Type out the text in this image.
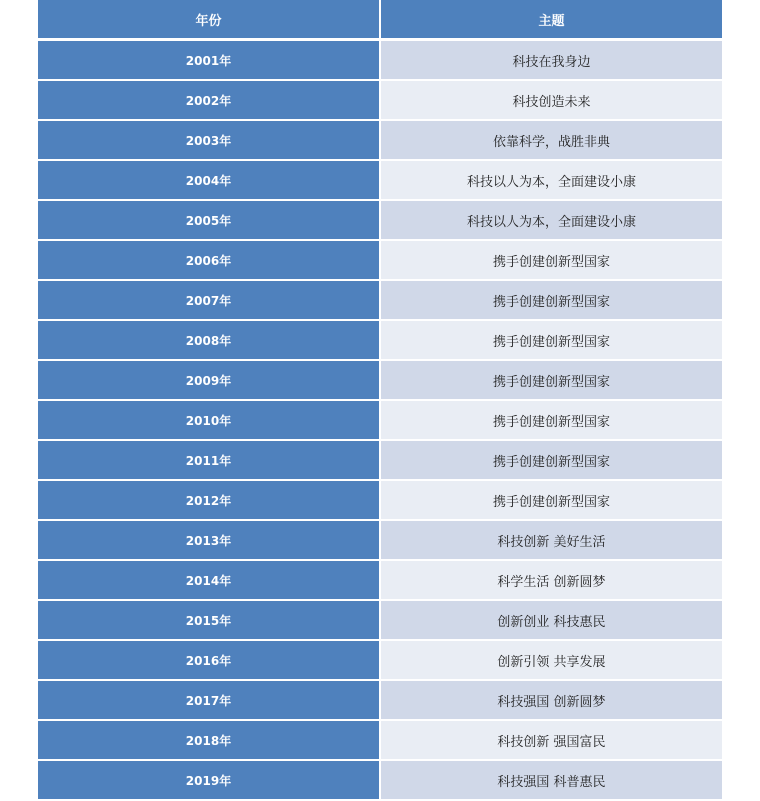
年份	主题
2001年	科技在我身边
2002年	科技创造未来
2003年	依靠科学，战胜非典
2004年	科技以人为本，全面建设小康
2005年	科技以人为本，全面建设小康
2006年	携手创建创新型国家
2007年	携手创建创新型国家
2008年	携手创建创新型国家
2009年	携手创建创新型国家
2010年	携手创建创新型国家
2011年	携手创建创新型国家
2012年	携手创建创新型国家
2013年	科技创新 美好生活
2014年	科学生活 创新圆梦
2015年	创新创业 科技惠民
2016年	创新引领 共享发展
2017年	科技强国 创新圆梦
2018年	科技创新 强国富民
2019年	科技强国 科普惠民
